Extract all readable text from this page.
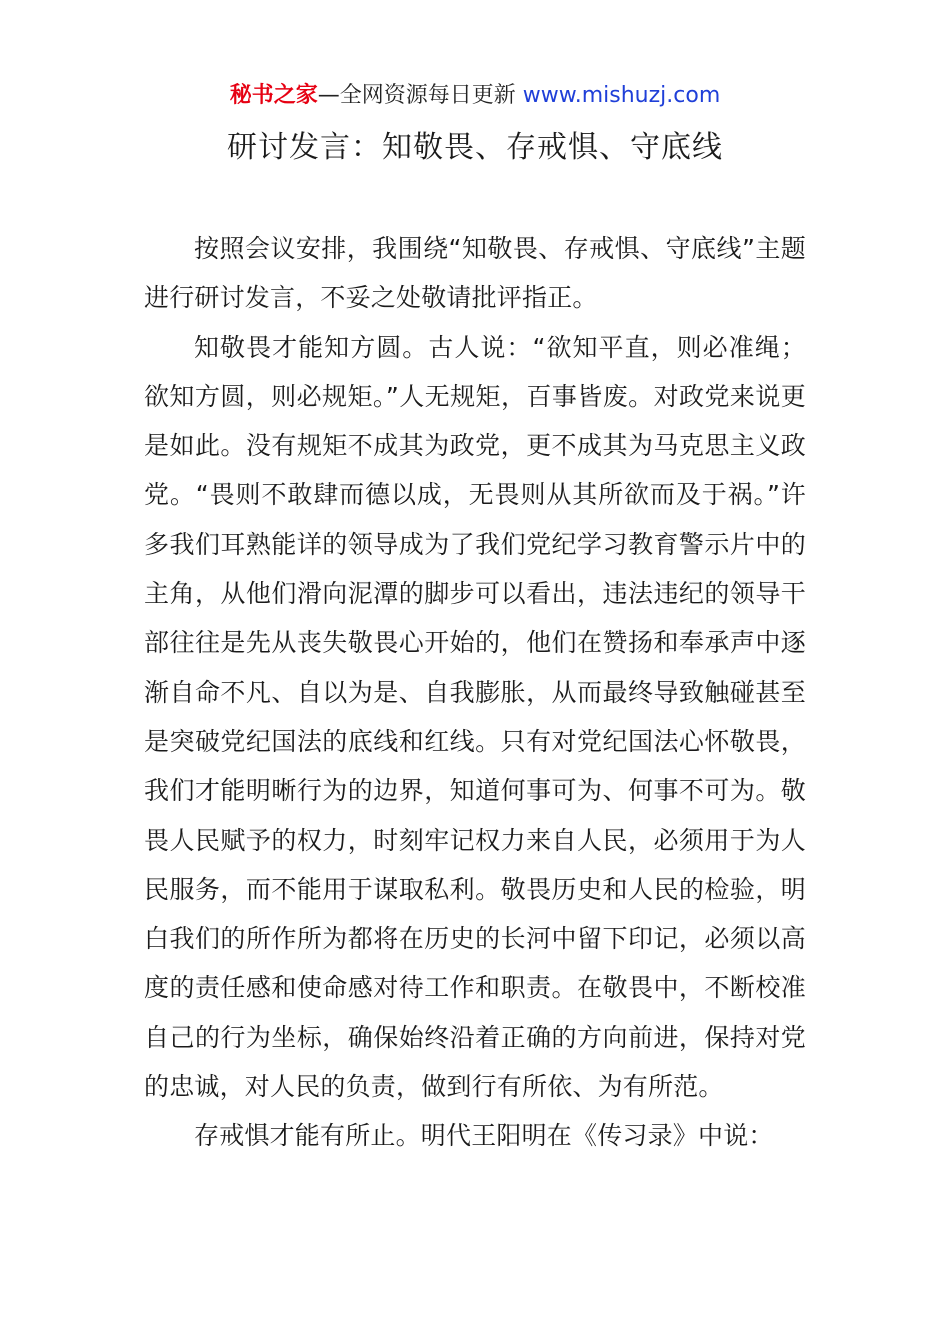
秘书之家—全网资源每日更新 www.mishuzj.com
研讨发言：知敬畏、存戒惧、守底线

按照会议安排，我围绕“知敬畏、存戒惧、守底线”主题进行研讨发言，不妥之处敬请批评指正。

知敬畏才能知方圆。古人说：“欲知平直，则必准绳；欲知方圆，则必规矩。”人无规矩，百事皆废。对政党来说更是如此。没有规矩不成其为政党，更不成其为马克思主义政党。“畏则不敢肆而德以成，无畏则从其所欲而及于祸。”许多我们耳熟能详的领导成为了我们党纪学习教育警示片中的主角，从他们滑向泥潭的脚步可以看出，违法违纪的领导干部往往是先从丧失敬畏心开始的，他们在赞扬和奉承声中逐渐自命不凡、自以为是、自我膨胀，从而最终导致触碰甚至是突破党纪国法的底线和红线。只有对党纪国法心怀敬畏，我们才能明晰行为的边界，知道何事可为、何事不可为。敬畏人民赋予的权力，时刻牢记权力来自人民，必须用于为人民服务，而不能用于谋取私利。敬畏历史和人民的检验，明白我们的所作所为都将在历史的长河中留下印记，必须以高度的责任感和使命感对待工作和职责。在敬畏中，不断校准自己的行为坐标，确保始终沿着正确的方向前进，保持对党的忠诚，对人民的负责，做到行有所依、为有所范。

存戒惧才能有所止。明代王阳明在《传习录》中说：
